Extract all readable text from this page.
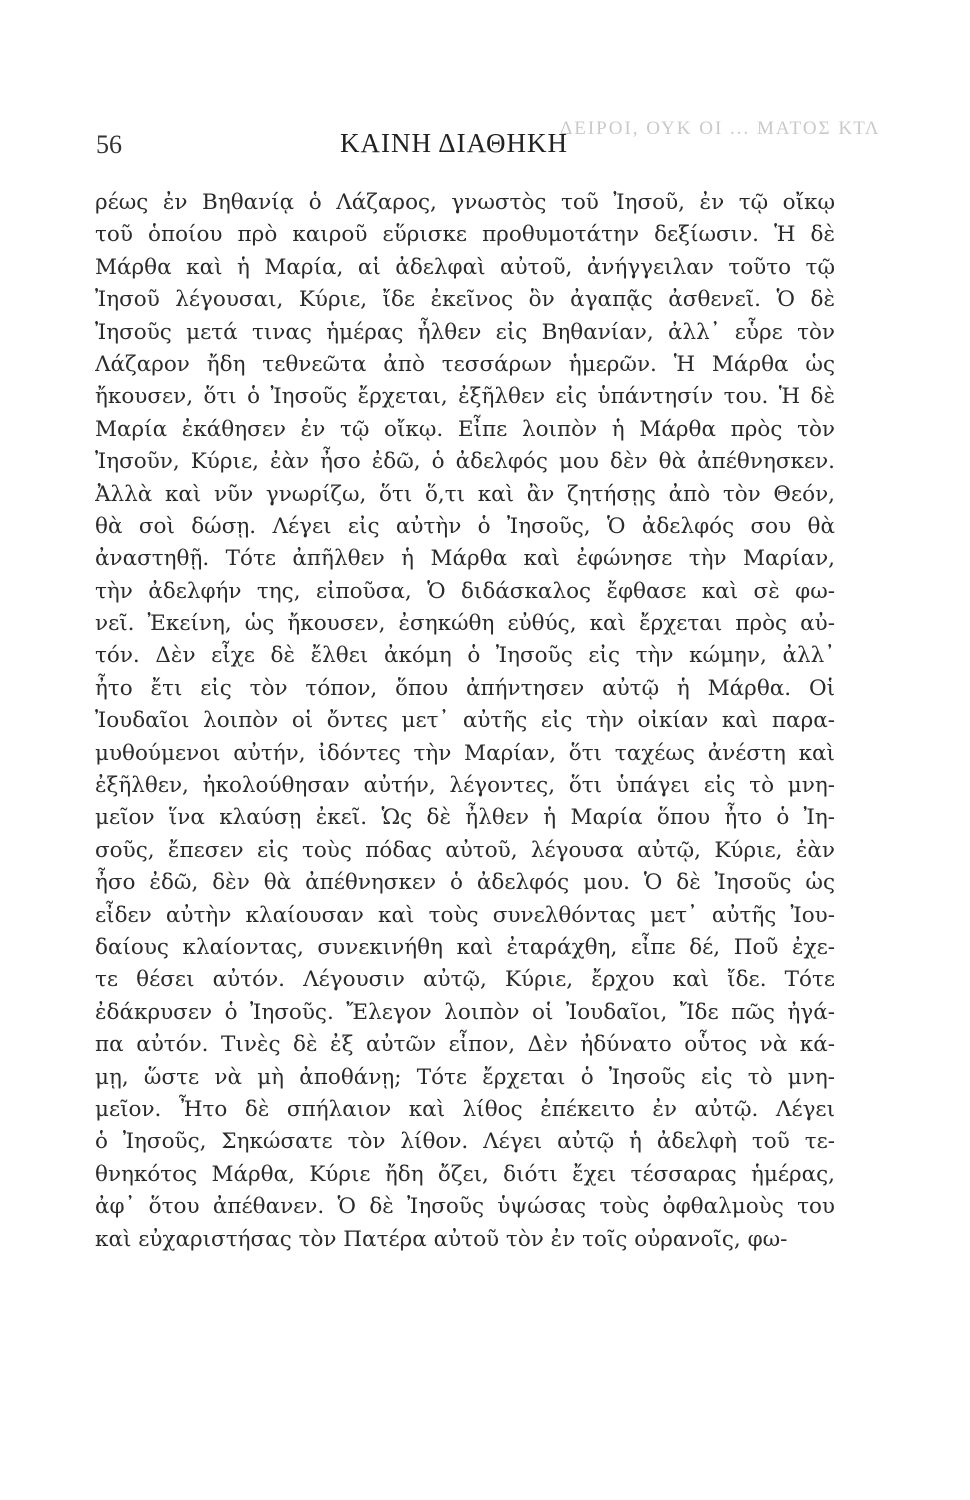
ΔΕΙΡΟΙ, ΟΥΚ ΟΙ ... ΜΑΤΟΣ ΚΤΛ
56	ΚΑΙΝΗ ΔΙΑΘΗΚΗ
ρέως ἐν Βηθανίᾳ ὁ Λάζαρος, γνωστὸς τοῦ Ἰησοῦ, ἐν τῷ οἴκῳ
τοῦ ὁποίου πρὸ καιροῦ εὕρισκε προθυμοτάτην δεξίωσιν. Ἡ δὲ
Μάρθα καὶ ἡ Μαρία, αἱ ἀδελφαὶ αὐτοῦ, ἀνήγγειλαν τοῦτο τῷ
Ἰησοῦ λέγουσαι, Κύριε, ἴδε ἐκεῖνος ὃν ἀγαπᾷς ἀσθενεῖ. Ὁ δὲ
Ἰησοῦς μετά τινας ἡμέρας ἦλθεν εἰς Βηθανίαν, ἀλλ᾽ εὗρε τὸν
Λάζαρον ἤδη τεθνεῶτα ἀπὸ τεσσάρων ἡμερῶν. Ἡ Μάρθα ὡς
ἤκουσεν, ὅτι ὁ Ἰησοῦς ἔρχεται, ἐξῆλθεν εἰς ὑπάντησίν του. Ἡ δὲ
Μαρία ἐκάθησεν ἐν τῷ οἴκῳ. Εἶπε λοιπὸν ἡ Μάρθα πρὸς τὸν
Ἰησοῦν, Κύριε, ἐὰν ἦσο ἐδῶ, ὁ ἀδελφός μου δὲν θὰ ἀπέθνησκεν.
Ἀλλὰ καὶ νῦν γνωρίζω, ὅτι ὅ,τι καὶ ἂν ζητήσῃς ἀπὸ τὸν Θεόν,
θὰ σοὶ δώσῃ. Λέγει εἰς αὐτὴν ὁ Ἰησοῦς, Ὁ ἀδελφός σου θὰ
ἀναστηθῇ. Τότε ἀπῆλθεν ἡ Μάρθα καὶ ἐφώνησε τὴν Μαρίαν,
τὴν ἀδελφήν της, εἰποῦσα, Ὁ διδάσκαλος ἔφθασε καὶ σὲ φω-
νεῖ. Ἐκείνη, ὡς ἤκουσεν, ἐσηκώθη εὐθύς, καὶ ἔρχεται πρὸς αὐ-
τόν. Δὲν εἶχε δὲ ἔλθει ἀκόμη ὁ Ἰησοῦς εἰς τὴν κώμην, ἀλλ᾽
ἦτο ἔτι εἰς τὸν τόπον, ὅπου ἀπήντησεν αὐτῷ ἡ Μάρθα. Οἱ
Ἰουδαῖοι λοιπὸν οἱ ὄντες μετ᾽ αὐτῆς εἰς τὴν οἰκίαν καὶ παρα-
μυθούμενοι αὐτήν, ἰδόντες τὴν Μαρίαν, ὅτι ταχέως ἀνέστη καὶ
ἐξῆλθεν, ἠκολούθησαν αὐτήν, λέγοντες, ὅτι ὑπάγει εἰς τὸ μνη-
μεῖον ἵνα κλαύσῃ ἐκεῖ. Ὡς δὲ ἦλθεν ἡ Μαρία ὅπου ἦτο ὁ Ἰη-
σοῦς, ἔπεσεν εἰς τοὺς πόδας αὐτοῦ, λέγουσα αὐτῷ, Κύριε, ἐὰν
ἦσο ἐδῶ, δὲν θὰ ἀπέθνησκεν ὁ ἀδελφός μου. Ὁ δὲ Ἰησοῦς ὡς
εἶδεν αὐτὴν κλαίουσαν καὶ τοὺς συνελθόντας μετ᾽ αὐτῆς Ἰου-
δαίους κλαίοντας, συνεκινήθη καὶ ἐταράχθη, εἶπε δέ, Ποῦ ἐχε-
τε θέσει αὐτόν. Λέγουσιν αὐτῷ, Κύριε, ἔρχου καὶ ἴδε. Τότε
ἐδάκρυσεν ὁ Ἰησοῦς. Ἔλεγον λοιπὸν οἱ Ἰουδαῖοι, Ἴδε πῶς ἠγά-
πα αὐτόν. Τινὲς δὲ ἐξ αὐτῶν εἶπον, Δὲν ἠδύνατο οὗτος νὰ κά-
μῃ, ὥστε νὰ μὴ ἀποθάνῃ; Τότε ἔρχεται ὁ Ἰησοῦς εἰς τὸ μνη-
μεῖον. Ἦτο δὲ σπήλαιον καὶ λίθος ἐπέκειτο ἐν αὐτῷ. Λέγει
ὁ Ἰησοῦς, Σηκώσατε τὸν λίθον. Λέγει αὐτῷ ἡ ἀδελφὴ τοῦ τε-
θνηκότος Μάρθα, Κύριε ἤδη ὄζει, διότι ἔχει τέσσαρας ἡμέρας,
ἀφ᾽ ὅτου ἀπέθανεν. Ὁ δὲ Ἰησοῦς ὑψώσας τοὺς ὀφθαλμοὺς του
καὶ εὐχαριστήσας τὸν Πατέρα αὐτοῦ τὸν ἐν τοῖς οὐρανοῖς, φω-
